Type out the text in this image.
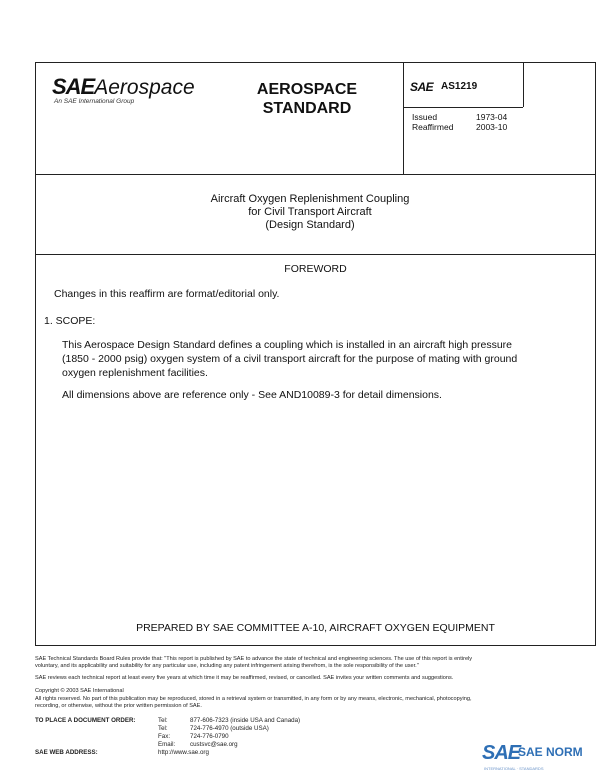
SAEAerospace
An SAE International Group
AEROSPACE
STANDARD
SAE AS1219
Issued	1973-04
Reaffirmed	2003-10
Aircraft Oxygen Replenishment Coupling
for Civil Transport Aircraft
(Design Standard)
FOREWORD
Changes in this reaffirm are format/editorial only.
1. SCOPE:
This Aerospace Design Standard defines a coupling which is installed in an aircraft high pressure
(1850 - 2000 psig) oxygen system of a civil transport aircraft for the purpose of mating with ground
oxygen replenishment facilities.
All dimensions above are reference only - See AND10089-3 for detail dimensions.
PREPARED BY SAE COMMITTEE A-10, AIRCRAFT OXYGEN EQUIPMENT
SAE Technical Standards Board Rules provide that: "This report is published by SAE to advance the state of technical and engineering sciences. The use of this report is entirely
voluntary, and its applicability and suitability for any particular use, including any patent infringement arising therefrom, is the sole responsibility of the user."
SAE reviews each technical report at least every five years at which time it may be reaffirmed, revised, or cancelled. SAE invites your written comments and suggestions.
Copyright © 2003 SAE International
All rights reserved. No part of this publication may be reproduced, stored in a retrieval system or transmitted, in any form or by any means, electronic, mechanical, photocopying,
recording, or otherwise, without the prior written permission of SAE.
TO PLACE A DOCUMENT ORDER:	Tel:	877-606-7323 (inside USA and Canada)
Tel:	724-776-4970 (outside USA)
Fax:	724-776-0790
Email: custsvc@sae.org
SAE WEB ADDRESS:	http://www.sae.org	SAE
SAE NORM
INTERNATIONAL · STANDARDS
